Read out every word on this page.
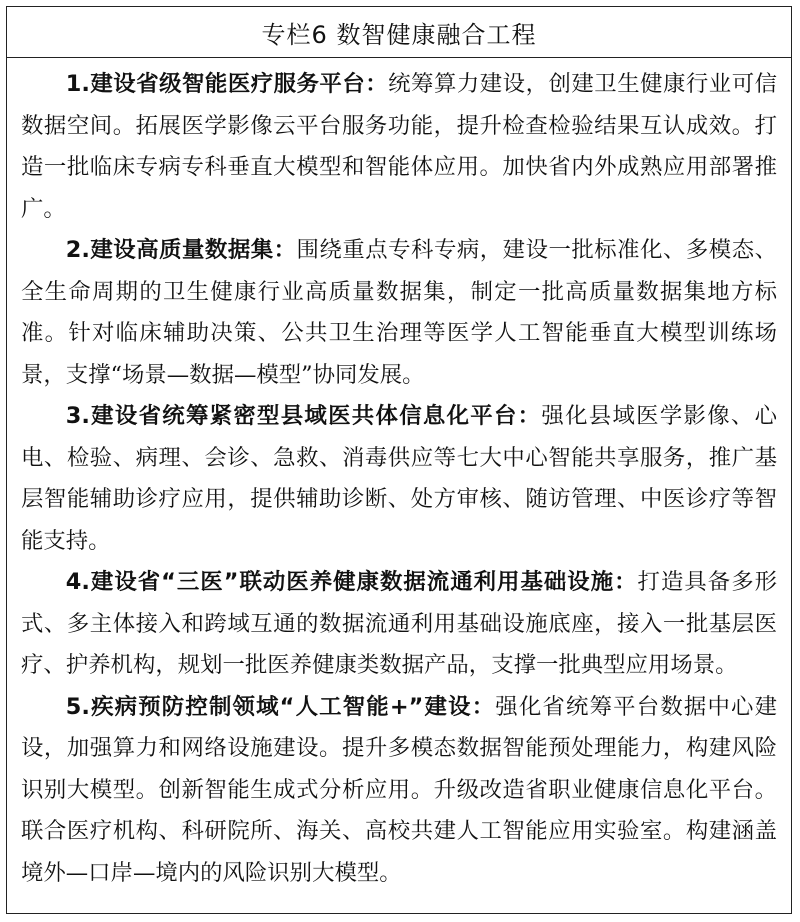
专栏6 数智健康融合工程

1.建设省级智能医疗服务平台：统筹算力建设，创建卫生健康行业可信数据空间。拓展医学影像云平台服务功能，提升检查检验结果互认成效。打造一批临床专病专科垂直大模型和智能体应用。加快省内外成熟应用部署推广。

2.建设高质量数据集：围绕重点专科专病，建设一批标准化、多模态、全生命周期的卫生健康行业高质量数据集，制定一批高质量数据集地方标准。针对临床辅助决策、公共卫生治理等医学人工智能垂直大模型训练场景，支撑“场景—数据—模型”协同发展。

3.建设省统筹紧密型县域医共体信息化平台：强化县域医学影像、心电、检验、病理、会诊、急救、消毒供应等七大中心智能共享服务，推广基层智能辅助诊疗应用，提供辅助诊断、处方审核、随访管理、中医诊疗等智能支持。

4.建设省“三医”联动医养健康数据流通利用基础设施：打造具备多形式、多主体接入和跨域互通的数据流通利用基础设施底座，接入一批基层医疗、护养机构，规划一批医养健康类数据产品，支撑一批典型应用场景。

5.疾病预防控制领域“人工智能+”建设：强化省统筹平台数据中心建设，加强算力和网络设施建设。提升多模态数据智能预处理能力，构建风险识别大模型。创新智能生成式分析应用。升级改造省职业健康信息化平台。联合医疗机构、科研院所、海关、高校共建人工智能应用实验室。构建涵盖境外—口岸—境内的风险识别大模型。
